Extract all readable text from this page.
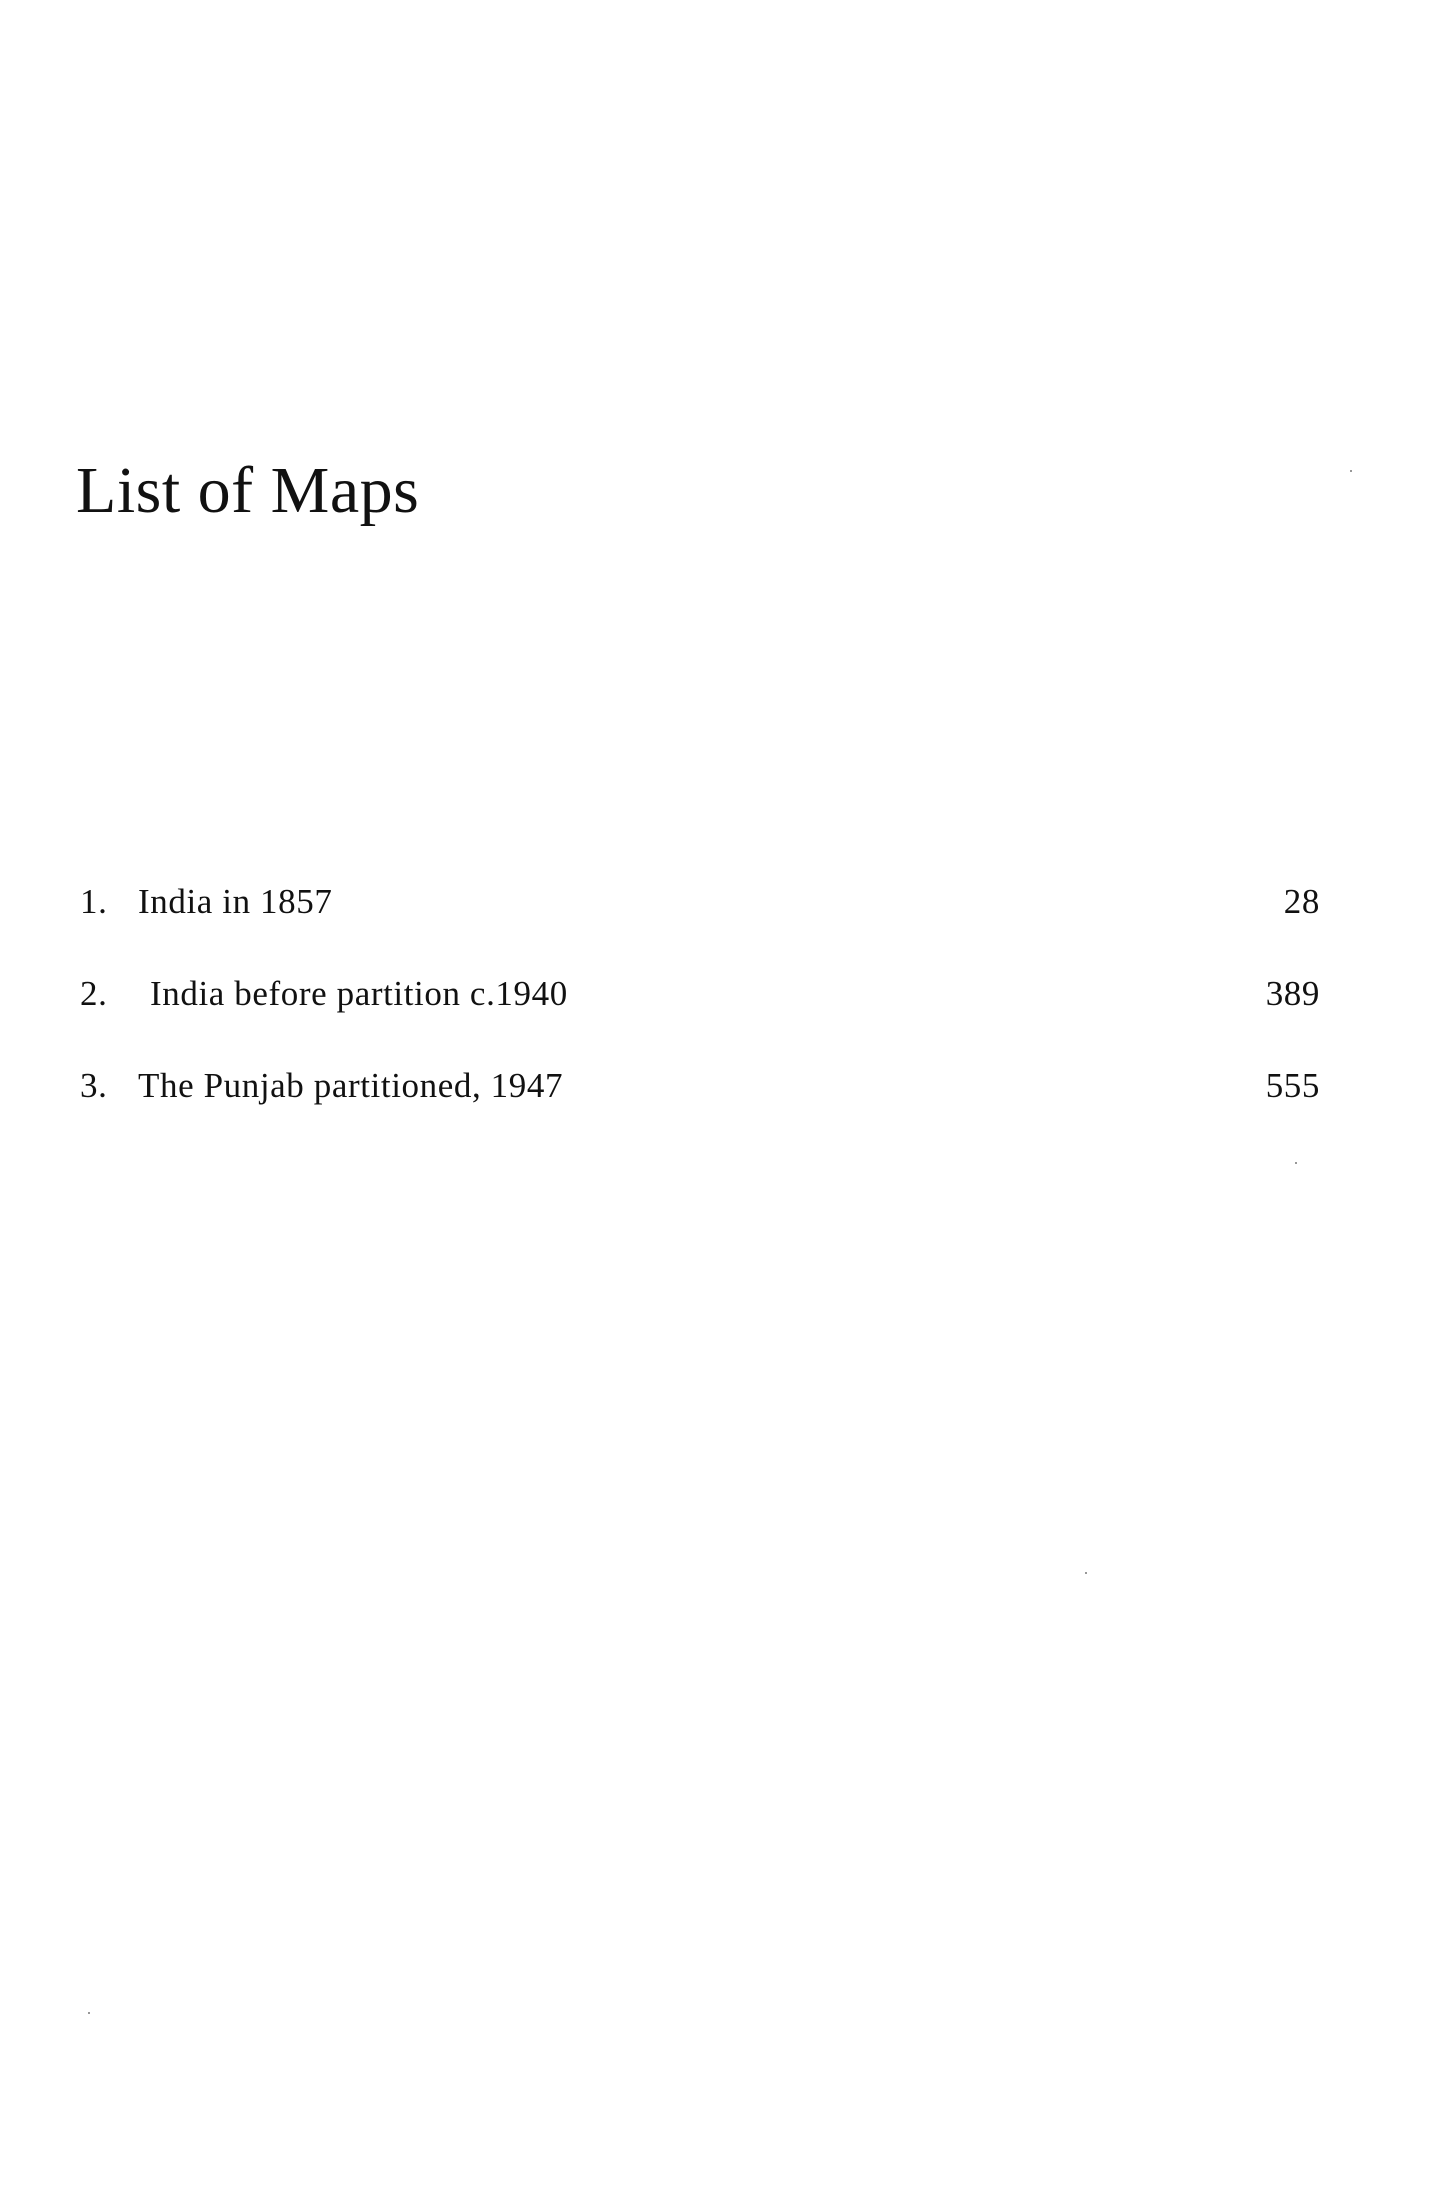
List of Maps
1. India in 1857	28
2. India before partition c.1940	389
3. The Punjab partitioned, 1947	555
